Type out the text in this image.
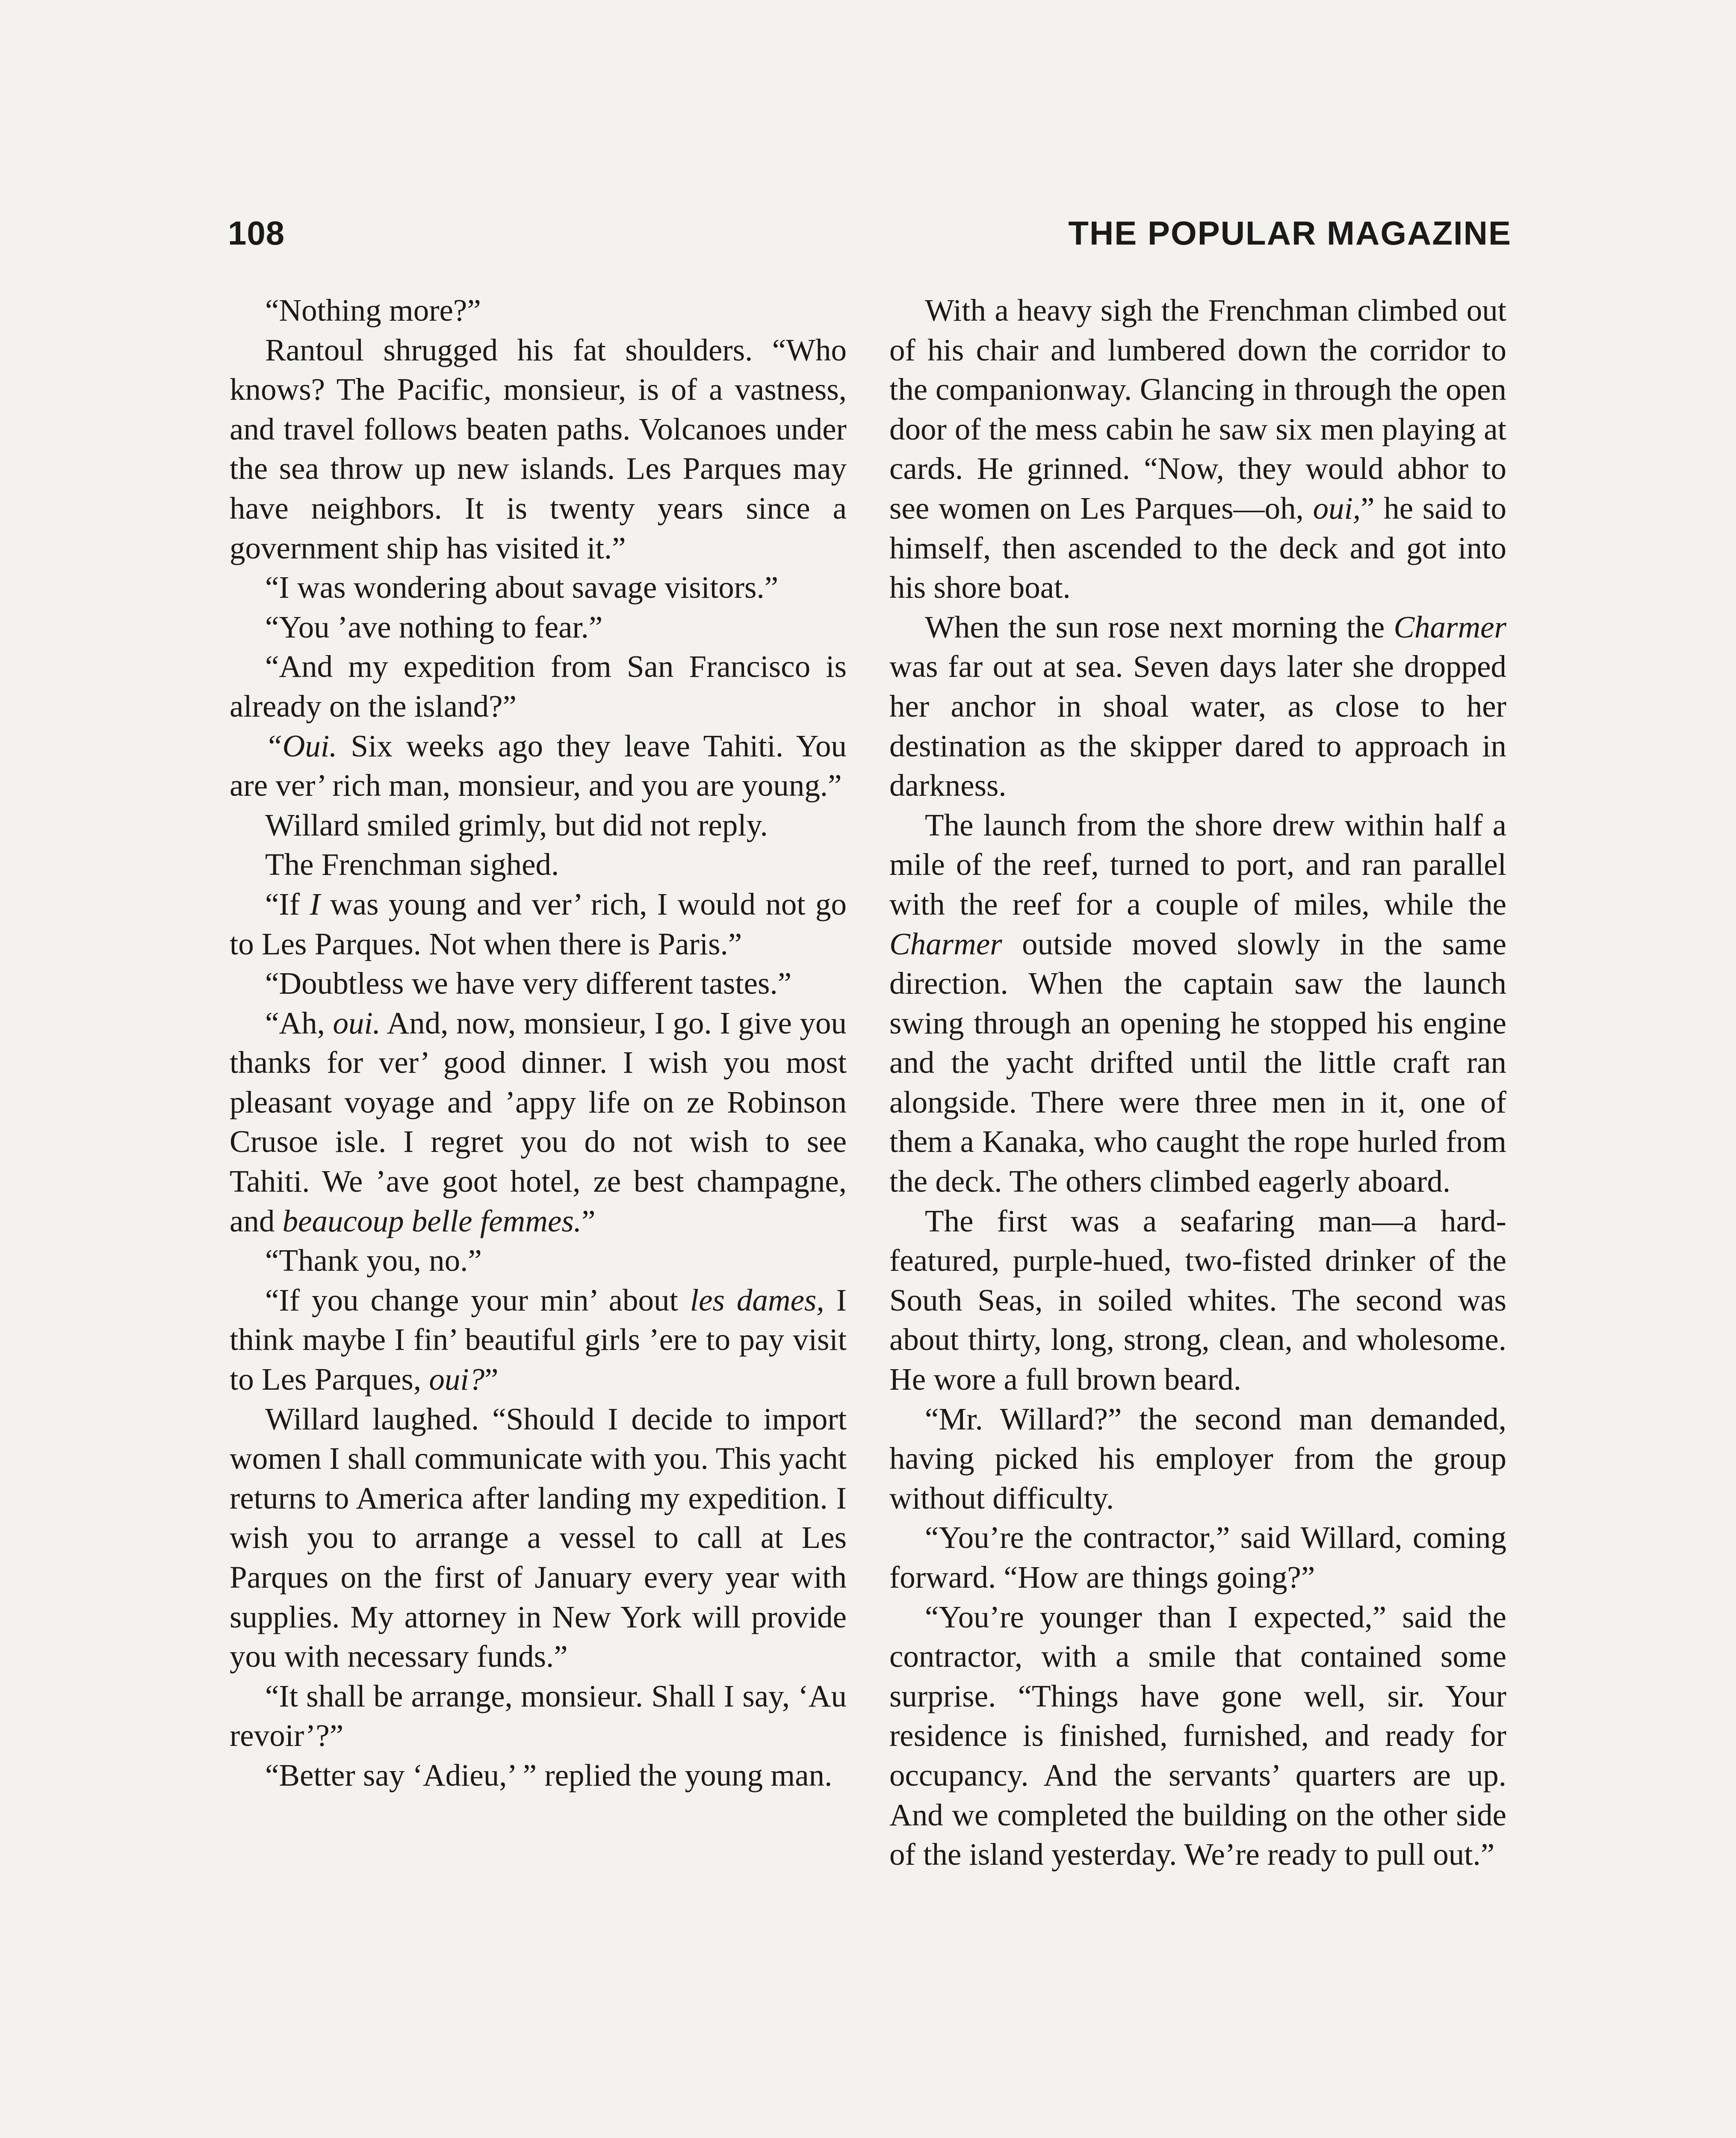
108	THE POPULAR MAGAZINE

“Nothing more?”

Rantoul shrugged his fat shoulders. “Who knows? The Pacific, monsieur, is of a vastness, and travel follows beaten paths. Volcanoes under the sea throw up new islands. Les Parques may have neighbors. It is twenty years since a government ship has visited it.”

“I was wondering about savage visitors.”

“You ’ave nothing to fear.”

“And my expedition from San Francisco is already on the island?”

“Oui. Six weeks ago they leave Tahiti. You are ver’ rich man, monsieur, and you are young.”

Willard smiled grimly, but did not reply.

The Frenchman sighed.

“If I was young and ver’ rich, I would not go to Les Parques. Not when there is Paris.”

“Doubtless we have very different tastes.”

“Ah, oui. And, now, monsieur, I go. I give you thanks for ver’ good dinner. I wish you most pleasant voyage and ’appy life on ze Robinson Crusoe isle. I regret you do not wish to see Tahiti. We ’ave goot hotel, ze best champagne, and beaucoup belle femmes.”

“Thank you, no.”

“If you change your min’ about les dames, I think maybe I fin’ beautiful girls ’ere to pay visit to Les Parques, oui?”

Willard laughed. “Should I decide to import women I shall communicate with you. This yacht returns to America after landing my expedition. I wish you to arrange a vessel to call at Les Parques on the first of January every year with supplies. My attorney in New York will provide you with necessary funds.”

“It shall be arrange, monsieur. Shall I say, ‘Au revoir’?”

“Better say ‘Adieu,’ ” replied the young man.

With a heavy sigh the Frenchman climbed out of his chair and lumbered down the corridor to the companionway. Glancing in through the open door of the mess cabin he saw six men playing at cards. He grinned. “Now, they would abhor to see women on Les Parques—oh, oui,” he said to himself, then ascended to the deck and got into his shore boat.

When the sun rose next morning the Charmer was far out at sea. Seven days later she dropped her anchor in shoal water, as close to her destination as the skipper dared to approach in darkness.

The launch from the shore drew within half a mile of the reef, turned to port, and ran parallel with the reef for a couple of miles, while the Charmer outside moved slowly in the same direction. When the captain saw the launch swing through an opening he stopped his engine and the yacht drifted until the little craft ran alongside. There were three men in it, one of them a Kanaka, who caught the rope hurled from the deck. The others climbed eagerly aboard.

The first was a seafaring man—a hard-featured, purple-hued, two-fisted drinker of the South Seas, in soiled whites. The second was about thirty, long, strong, clean, and wholesome. He wore a full brown beard.

“Mr. Willard?” the second man demanded, having picked his employer from the group without difficulty.

“You’re the contractor,” said Willard, coming forward. “How are things going?”

“You’re younger than I expected,” said the contractor, with a smile that contained some surprise. “Things have gone well, sir. Your residence is finished, furnished, and ready for occupancy. And the servants’ quarters are up. And we completed the building on the other side of the island yesterday. We’re ready to pull out.”
